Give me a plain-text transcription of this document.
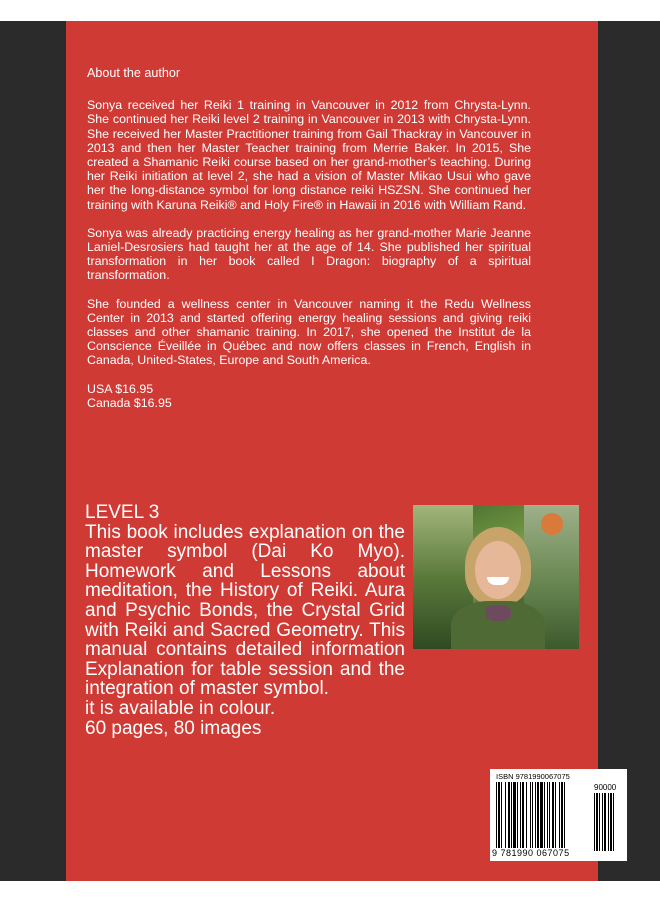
About the author

Sonya received her Reiki 1 training in Vancouver in 2012 from Chrysta-Lynn. She continued her Reiki level 2 training in Vancouver in 2013 with Chrysta-Lynn. She received her Master Practitioner training from Gail Thackray in Vancouver in 2013 and then her Master Teacher training from Merrie Baker. In 2015, She created a Shamanic Reiki course based on her grand-mother’s teaching. During her Reiki initiation at level 2, she had a vision of Master Mikao Usui who gave her the long-distance symbol for long distance reiki HSZSN. She continued her training with Karuna Reiki® and Holy Fire® in Hawaii in 2016 with William Rand.

Sonya was already practicing energy healing as her grand-mother Marie Jeanne Laniel-Desrosiers had taught her at the age of 14. She published her spiritual transformation in her book called I Dragon: biography of a spiritual transformation.

She founded a wellness center in Vancouver naming it the Redu Wellness Center in 2013 and started offering energy healing sessions and giving reiki classes and other shamanic training. In 2017, she opened the Institut de la Conscience Éveillée in Québec and now offers classes in French, English in Canada, United-States, Europe and South America.

USA $16.95
Canada $16.95
LEVEL 3
This book includes explanation on the master symbol (Dai Ko Myo). Homework and Lessons about meditation, the History of Reiki. Aura and Psychic Bonds, the Crystal Grid with Reiki and Sacred Geometry. This manual contains detailed information Explanation for table session and the integration of master symbol.
it is available in colour.
60 pages, 80 images
ISBN 9781990067075
90000
9 781990 067075
